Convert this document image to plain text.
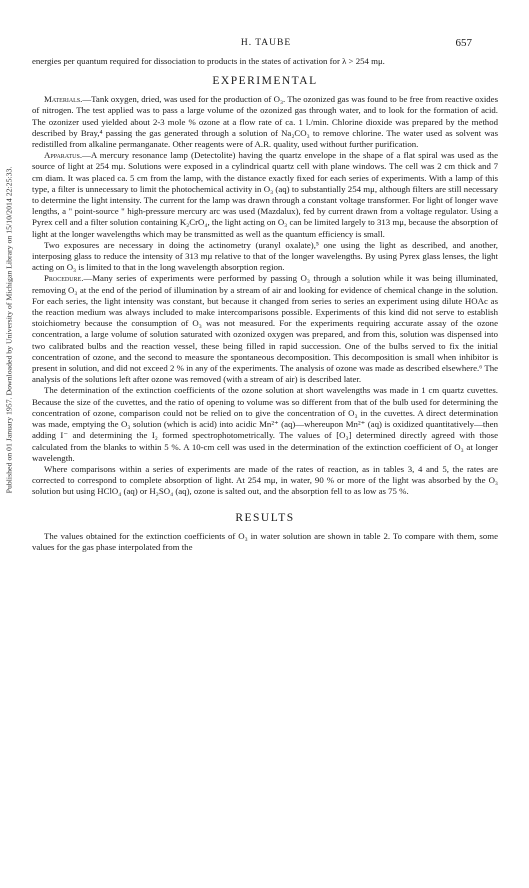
H. TAUBE	657
Published on 01 January 1957. Downloaded by University of Michigan Library on 15/10/2014 22:25:33.

energies per quantum required for dissociation to products in the states of activation for λ > 254 mμ.

EXPERIMENTAL

Materials.—Tank oxygen, dried, was used for the production of O₃. The ozonized gas was found to be free from reactive oxides of nitrogen. The test applied was to pass a large volume of the ozonized gas through water, and to look for the formation of acid. The ozonizer used yielded about 2-3 mole % ozone at a flow rate of ca. 1 l./min. Chlorine dioxide was prepared by the method described by Bray,⁴ passing the gas generated through a solution of Na₂CO₃ to remove chlorine. The water used as solvent was redistilled from alkaline permanganate. Other reagents were of A.R. quality, used without further purification.

Apparatus.—A mercury resonance lamp (Detectolite) having the quartz envelope in the shape of a flat spiral was used as the source of light at 254 mμ. Solutions were exposed in a cylindrical quartz cell with plane windows. The cell was 2 cm thick and 7 cm diam. It was placed ca. 5 cm from the lamp, with the distance exactly fixed for each series of experiments. With a lamp of this type, a filter is unnecessary to limit the photochemical activity in O₃ (aq) to substantially 254 mμ, although filters are still necessary to determine the light intensity. The current for the lamp was drawn through a constant voltage transformer. For light of longer wave lengths, a " point-source " high-pressure mercury arc was used (Mazdalux), fed by current drawn from a voltage regulator. Using a Pyrex cell and a filter solution containing K₂CrO₄, the light acting on O₃ can be limited largely to 313 mμ, because the absorption of light at the longer wavelengths which may be transmitted as well as the quantum efficiency is small.

Two exposures are necessary in doing the actinometry (uranyl oxalate),⁵ one using the light as described, and another, interposing glass to reduce the intensity of 313 mμ relative to that of the longer wavelengths. By using Pyrex glass lenses, the light acting on O₃ is limited to that in the long wavelength absorption region.

Procedure.—Many series of experiments were performed by passing O₃ through a solution while it was being illuminated, removing O₃ at the end of the period of illumination by a stream of air and looking for evidence of chemical change in the solution. For each series, the light intensity was constant, but because it changed from series to series an experiment using dilute HOAc as the reaction medium was always included to make intercomparisons possible. Experiments of this kind did not serve to establish stoichiometry because the consumption of O₃ was not measured. For the experiments requiring accurate assay of the ozone concentration, a large volume of solution saturated with ozonized oxygen was prepared, and from this, solution was dispensed into two calibrated bulbs and the reaction vessel, these being filled in rapid succession. One of the bulbs served to fix the initial concentration of ozone, and the second to measure the spontaneous decomposition. This decomposition is small when inhibitor is present in solution, and did not exceed 2 % in any of the experiments. The analysis of ozone was made as described elsewhere.⁶ The analysis of the solutions left after ozone was removed (with a stream of air) is described later.

The determination of the extinction coefficients of the ozone solution at short wavelengths was made in 1 cm quartz cuvettes. Because the size of the cuvettes, and the ratio of opening to volume was so different from that of the bulb used for determining the concentration of ozone, comparison could not be relied on to give the concentration of O₃ in the cuvettes. A direct determination was made, emptying the O₃ solution (which is acid) into acidic Mn²⁺ (aq)—whereupon Mn²⁺ (aq) is oxidized quantitatively—then adding I⁻ and determining the I₂ formed spectrophotometrically. The values of [O₃] determined directly agreed with those calculated from the blanks to within 5 %. A 10-cm cell was used in the determination of the extinction coefficient of O₃ at longer wavelength.

Where comparisons within a series of experiments are made of the rates of reaction, as in tables 3, 4 and 5, the rates are corrected to correspond to complete absorption of light. At 254 mμ, in water, 90 % or more of the light was absorbed by the O₃ solution but using HClO₄ (aq) or H₂SO₄ (aq), ozone is salted out, and the absorption fell to as low as 75 %.

RESULTS

The values obtained for the extinction coefficients of O₃ in water solution are shown in table 2. To compare with them, some values for the gas phase interpolated from the
